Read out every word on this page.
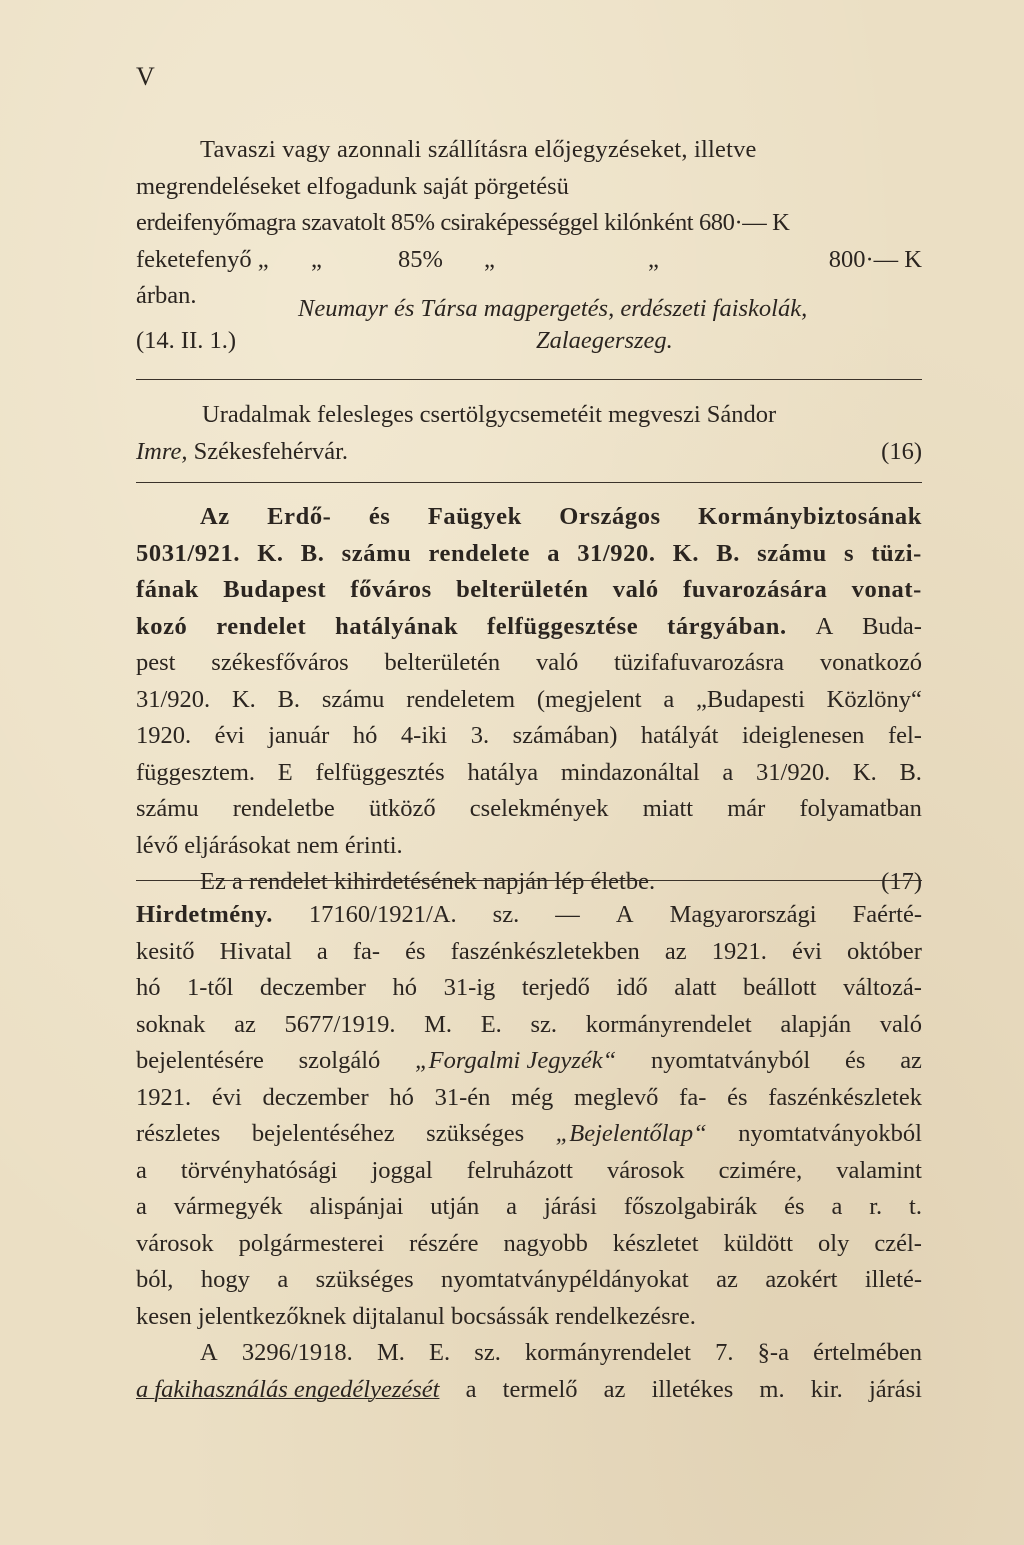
V
Tavaszi vagy azonnali szállításra előjegyzéseket, illetve
megrendeléseket elfogadunk saját pörgetésü
erdeifenyőmagra szavatolt 85% csiraképességgel kilónként 680·— K
feketefenyő „ „	85% „	„	800·— K
árban.	Neumayr és Társa magpergetés, erdészeti faiskolák,
(14. II. 1.)	Zalaegerszeg.
Uradalmak felesleges csertölgycsemetéit megveszi Sándor
Imre, Székesfehérvár.	(16)
Az Erdő- és Faügyek Országos Kormánybiztosának
5031/921. K. B. számu rendelete a 31/920. K. B. számu s tüzi-
fának Budapest főváros belterületén való fuvarozására vonat-
kozó rendelet hatályának felfüggesztése tárgyában. A Buda-
pest székesfőváros belterületén való tüzifafuvarozásra vonatkozó
31/920. K. B. számu rendeletem (megjelent a „Budapesti Közlöny“
1920. évi január hó 4-iki 3. számában) hatályát ideiglenesen fel-
függesztem. E felfüggesztés hatálya mindazonáltal a 31/920. K. B.
számu rendeletbe ütköző cselekmények miatt már folyamatban
lévő eljárásokat nem érinti.
Ez a rendelet kihirdetésének napján lép életbe.	(17)
Hirdetmény. 17160/1921/A. sz. — A Magyarországi Faérté-
kesitő Hivatal a fa- és faszénkészletekben az 1921. évi október
hó 1-től deczember hó 31-ig terjedő idő alatt beállott változá-
soknak az 5677/1919. M. E. sz. kormányrendelet alapján való
bejelentésére szolgáló „Forgalmi Jegyzék“ nyomtatványból és az
1921. évi deczember hó 31-én még meglevő fa- és faszénkészletek
részletes bejelentéséhez szükséges „Bejelentőlap“ nyomtatványokból
a törvényhatósági joggal felruházott városok czimére, valamint
a vármegyék alispánjai utján a járási főszolgabirák és a r. t.
városok polgármesterei részére nagyobb készletet küldött oly czél-
ból, hogy a szükséges nyomtatványpéldányokat az azokért illeté-
kesen jelentkezőknek dijtalanul bocsássák rendelkezésre.
A 3296/1918. M. E. sz. kormányrendelet 7. §-a értelmében
a fakihasználás engedélyezését a termelő az illetékes m. kir. járási
